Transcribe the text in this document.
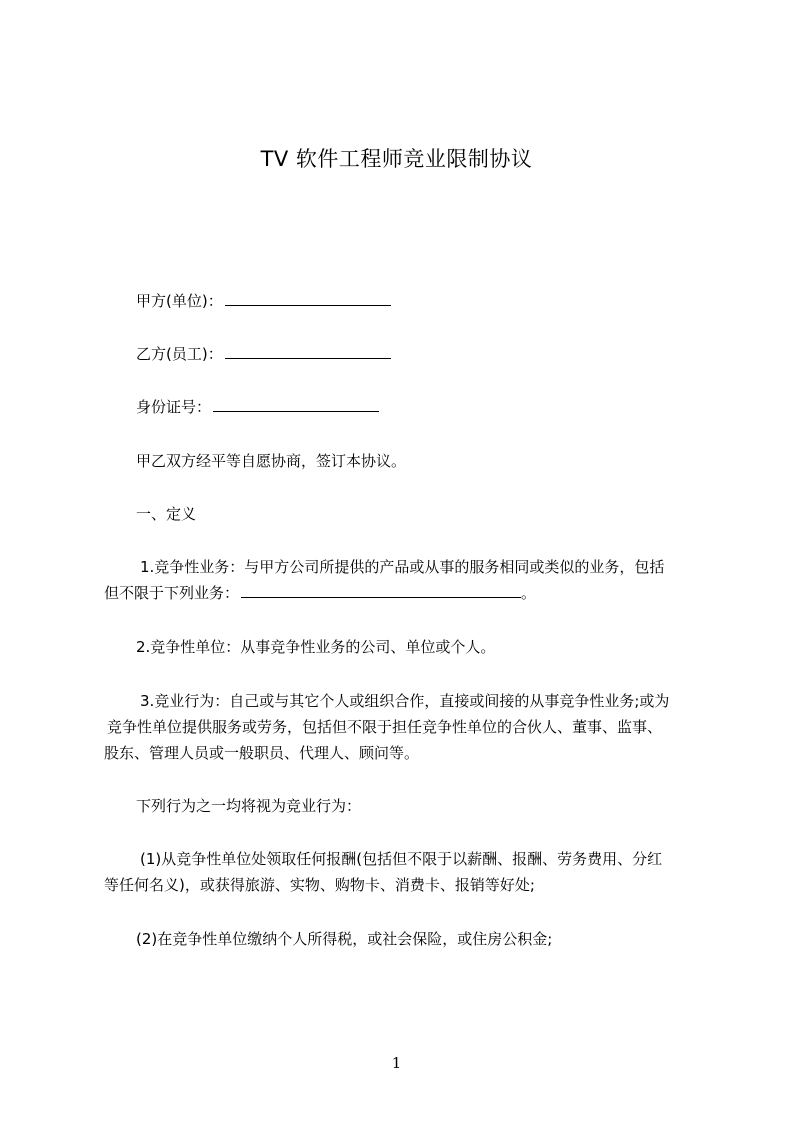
TV 软件工程师竞业限制协议
甲方(单位)：
乙方(员工)：
身份证号：
甲乙双方经平等自愿协商，签订本协议。
一、定义
1.竞争性业务：与甲方公司所提供的产品或从事的服务相同或类似的业务，包括
但不限于下列业务：	。
2.竞争性单位：从事竞争性业务的公司、单位或个人。
3.竞业行为：自己或与其它个人或组织合作，直接或间接的从事竞争性业务;或为
竞争性单位提供服务或劳务，包括但不限于担任竞争性单位的合伙人、董事、监事、
股东、管理人员或一般职员、代理人、顾问等。
下列行为之一均将视为竞业行为：
(1)从竞争性单位处领取任何报酬(包括但不限于以薪酬、报酬、劳务费用、分红
等任何名义)，或获得旅游、实物、购物卡、消费卡、报销等好处;
(2)在竞争性单位缴纳个人所得税，或社会保险，或住房公积金;
1
